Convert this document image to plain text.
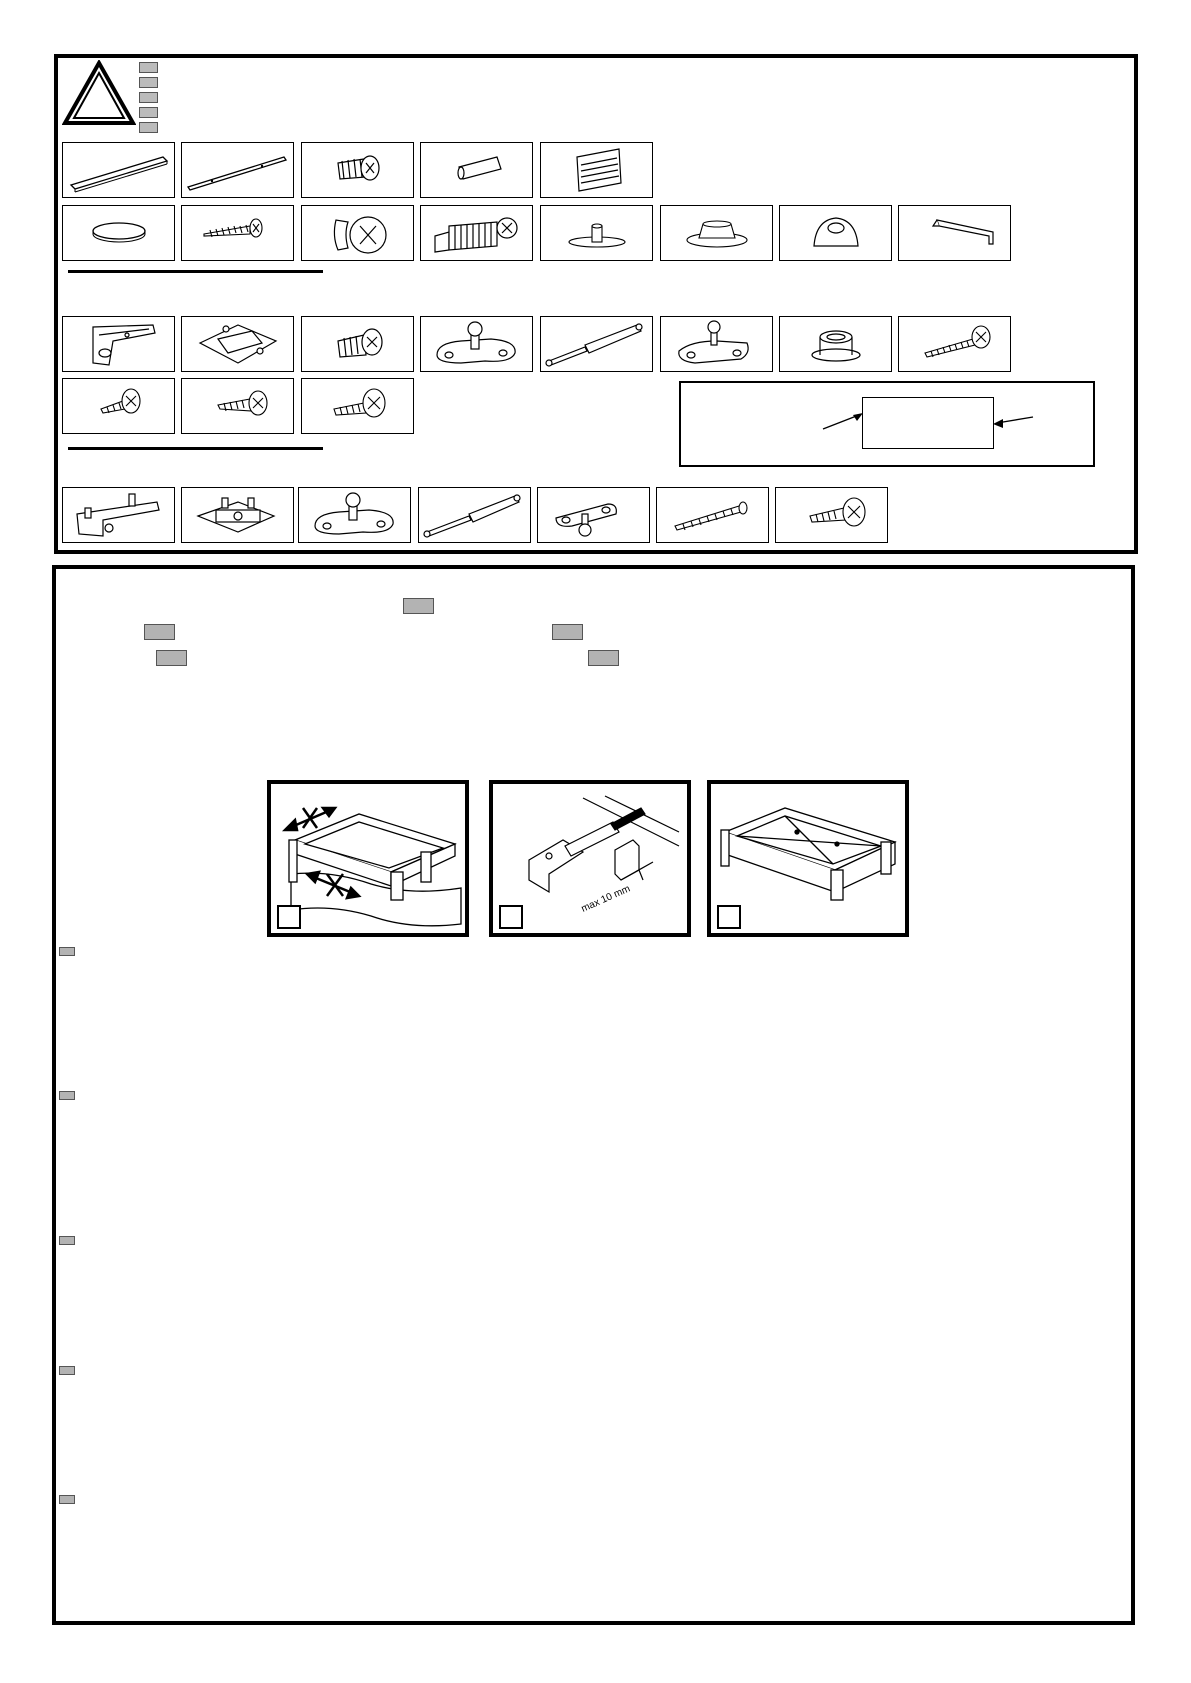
max 10 mm
